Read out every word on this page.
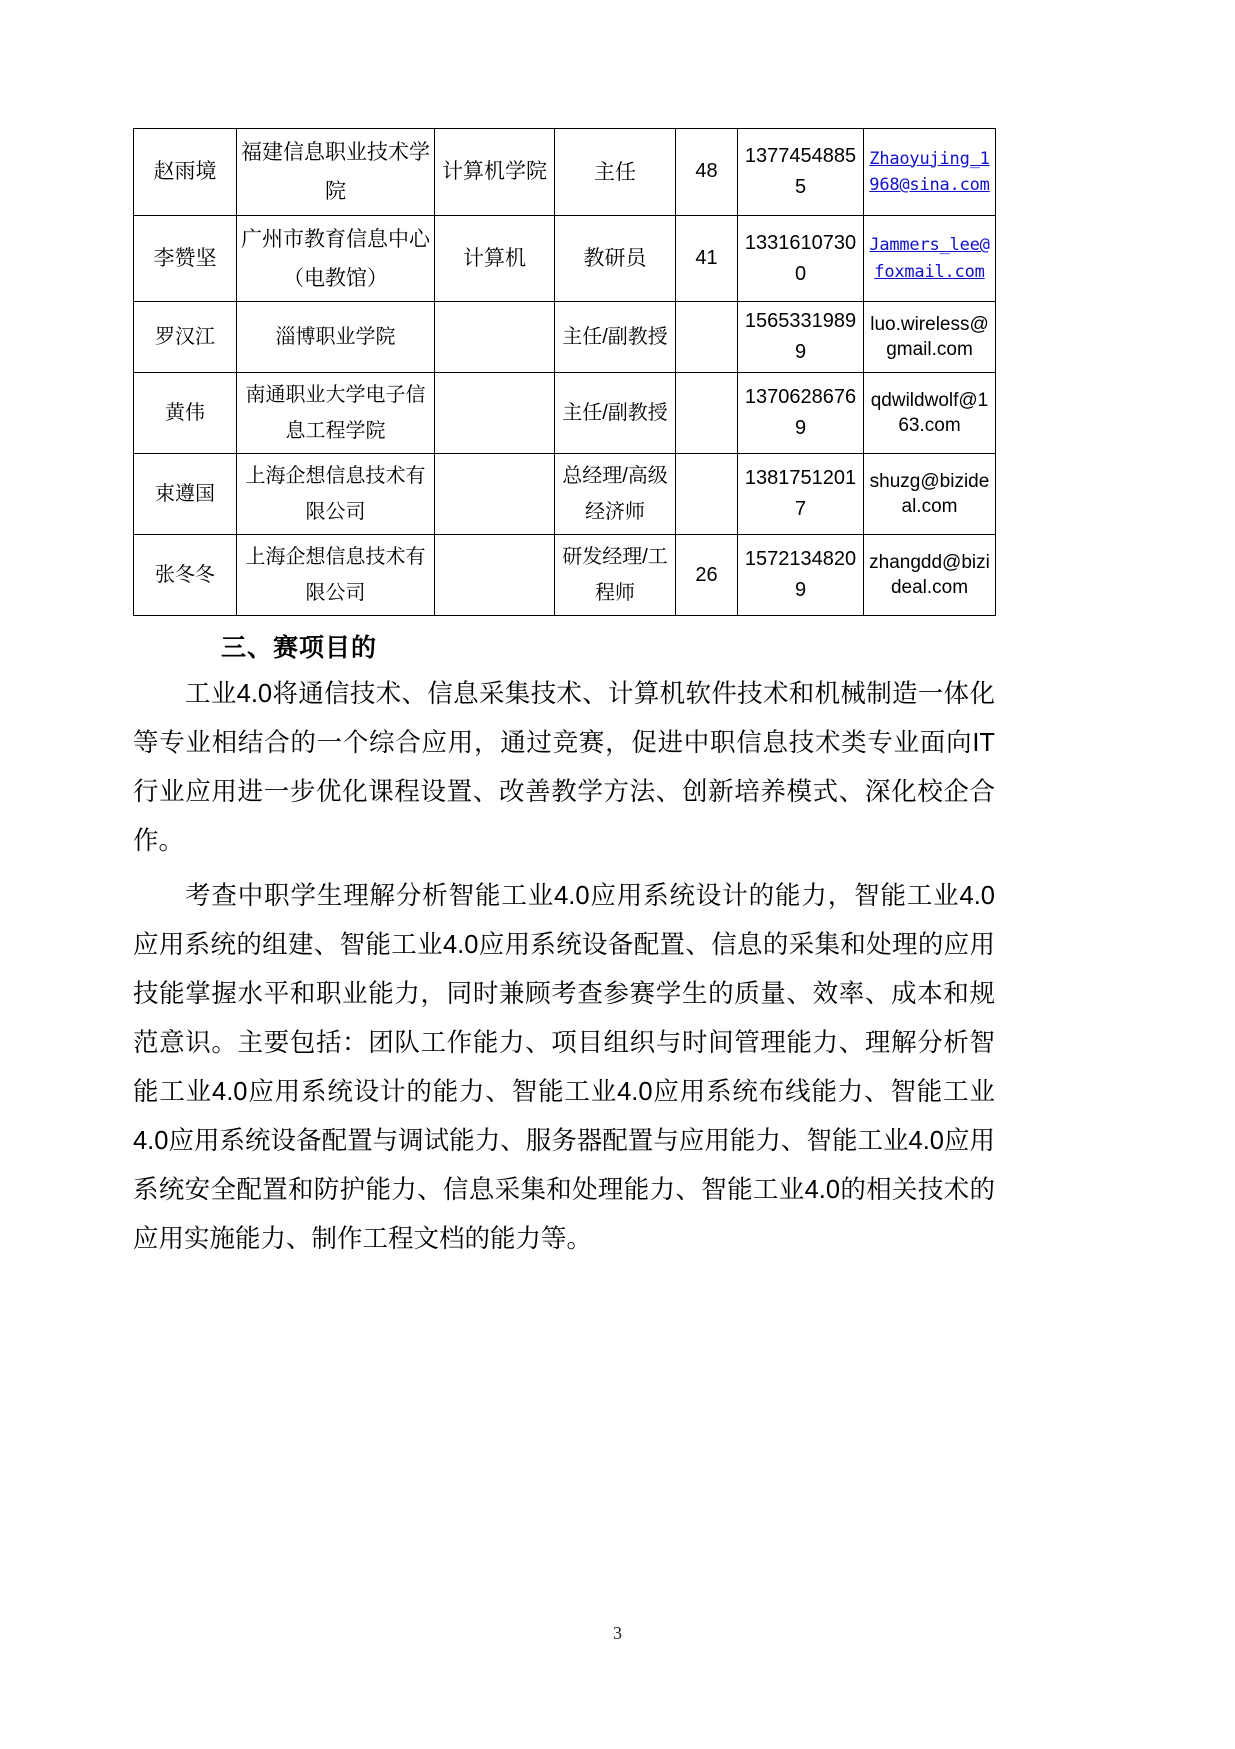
赵雨境	福建信息职业技术学院	计算机学院	主任	48	13774548855	Zhaoyujing_1968@sina.com
李赞坚	广州市教育信息中心（电教馆）	计算机	教研员	41	13316107300	Jammers_lee@foxmail.com
罗汉江	淄博职业学院		主任/副教授		15653319899	luo.wireless@gmail.com
黄伟	南通职业大学电子信息工程学院		主任/副教授		13706286769	qdwildwolf@163.com
束遵国	上海企想信息技术有限公司		总经理/高级经济师		13817512017	shuzg@bizideal.com
张冬冬	上海企想信息技术有限公司		研发经理/工程师	26	15721348209	zhangdd@bizideal.com
三、赛项目的

工业4.0将通信技术、信息采集技术、计算机软件技术和机械制造一体化等专业相结合的一个综合应用，通过竞赛，促进中职信息技术类专业面向IT行业应用进一步优化课程设置、改善教学方法、创新培养模式、深化校企合作。

考查中职学生理解分析智能工业4.0应用系统设计的能力，智能工业4.0应用系统的组建、智能工业4.0应用系统设备配置、信息的采集和处理的应用技能掌握水平和职业能力，同时兼顾考查参赛学生的质量、效率、成本和规范意识。主要包括：团队工作能力、项目组织与时间管理能力、理解分析智能工业4.0应用系统设计的能力、智能工业4.0应用系统布线能力、智能工业4.0应用系统设备配置与调试能力、服务器配置与应用能力、智能工业4.0应用系统安全配置和防护能力、信息采集和处理能力、智能工业4.0的相关技术的应用实施能力、制作工程文档的能力等。

3
